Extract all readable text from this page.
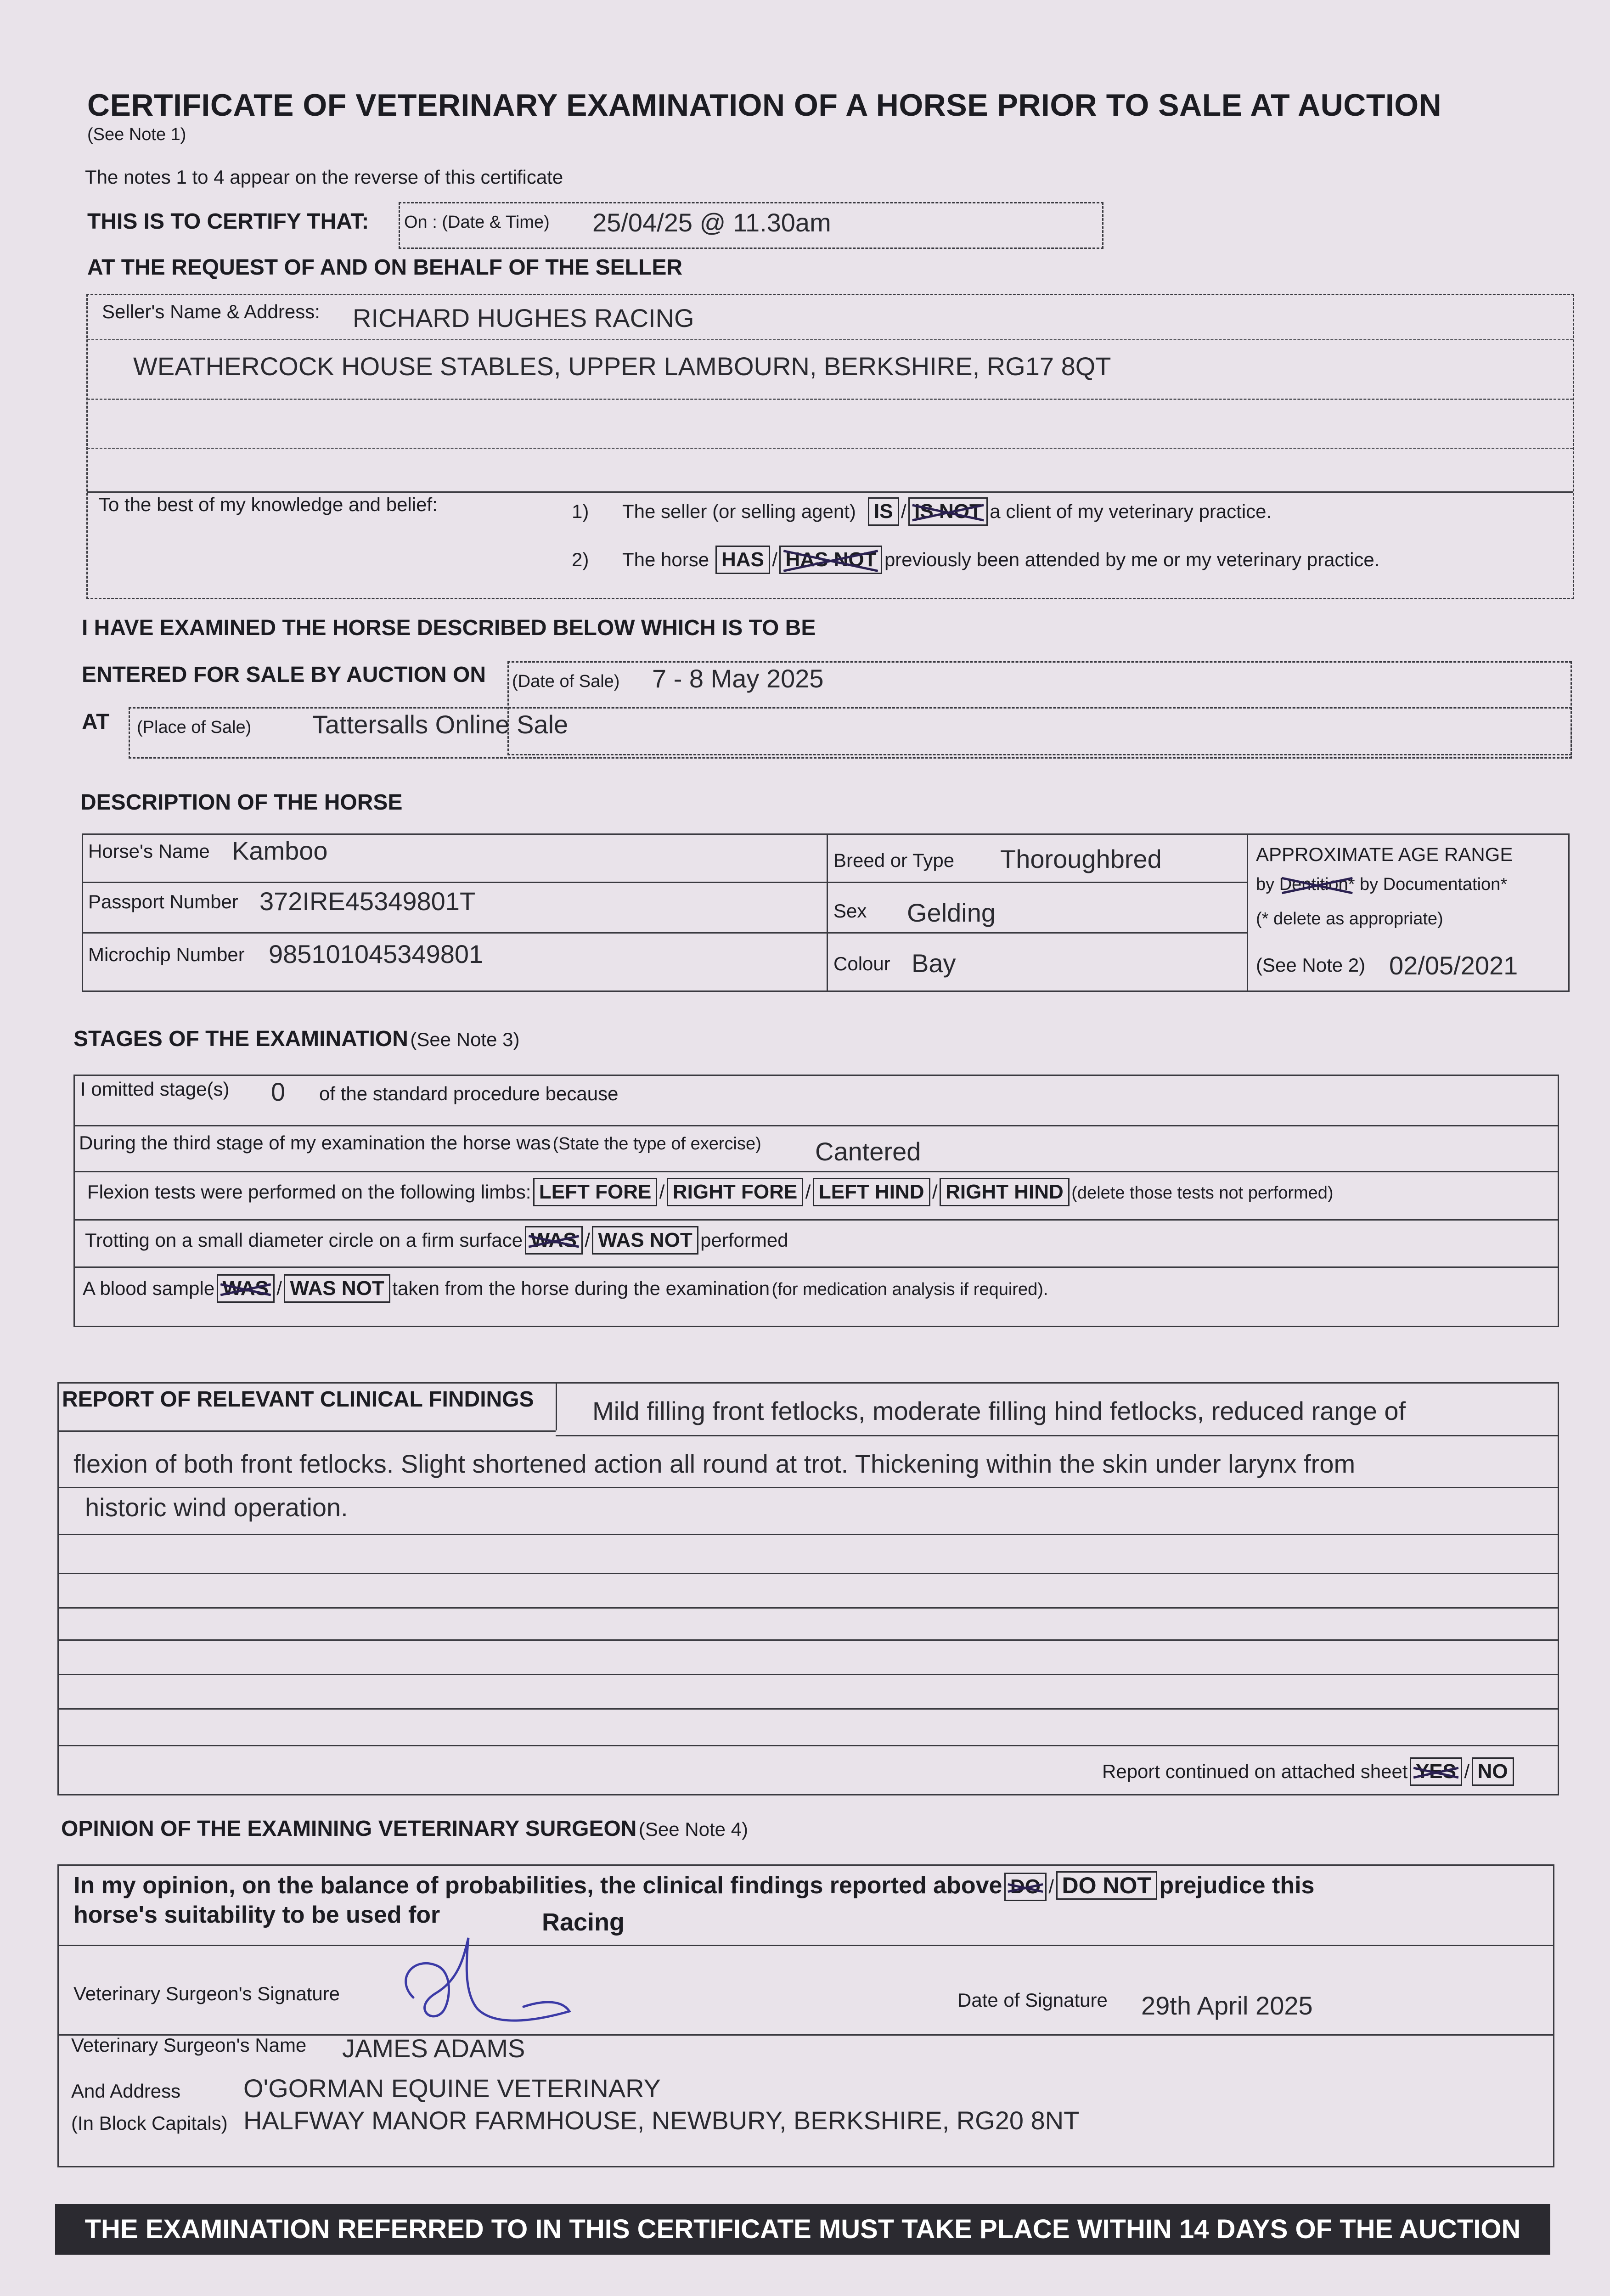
CERTIFICATE OF VETERINARY EXAMINATION OF A HORSE PRIOR TO SALE AT AUCTION
(See Note 1)
The notes 1 to 4 appear on the reverse of this certificate
THIS IS TO CERTIFY THAT: On : (Date & Time) 25/04/25 @ 11.30am
AT THE REQUEST OF AND ON BEHALF OF THE SELLER
Seller's Name & Address: RICHARD HUGHES RACING
WEATHERCOCK HOUSE STABLES, UPPER LAMBOURN, BERKSHIRE, RG17 8QT
To the best of my knowledge and belief:	1) The seller (or selling agent) IS / IS NOT a client of my veterinary practice.
2) The horse HAS / HAS NOT previously been attended by me or my veterinary practice.
I HAVE EXAMINED THE HORSE DESCRIBED BELOW WHICH IS TO BE
ENTERED FOR SALE BY AUCTION ON (Date of Sale) 7 - 8 May 2025
AT (Place of Sale) Tattersalls Online Sale
DESCRIPTION OF THE HORSE
Horse's Name Kamboo
Passport Number 372IRE45349801T
Microchip Number 985101045349801
Breed or Type Thoroughbred
Sex Gelding
Colour Bay
APPROXIMATE AGE RANGE
by Dentition* by Documentation*
(* delete as appropriate)
(See Note 2) 02/05/2021
STAGES OF THE EXAMINATION (See Note 3)
I omitted stage(s) 0 of the standard procedure because
During the third stage of my examination the horse was (State the type of exercise) Cantered
Flexion tests were performed on the following limbs: LEFT FORE / RIGHT FORE / LEFT HIND / RIGHT HIND (delete those tests not performed)
Trotting on a small diameter circle on a firm surface WAS / WAS NOT performed
A blood sample WAS / WAS NOT taken from the horse during the examination (for medication analysis if required).
REPORT OF RELEVANT CLINICAL FINDINGS Mild filling front fetlocks, moderate filling hind fetlocks, reduced range of
flexion of both front fetlocks. Slight shortened action all round at trot. Thickening within the skin under larynx from
historic wind operation.
Report continued on attached sheet YES / NO
OPINION OF THE EXAMINING VETERINARY SURGEON (See Note 4)
In my opinion, on the balance of probabilities, the clinical findings reported above DO / DO NOT prejudice this
horse's suitability to be used for	Racing
Veterinary Surgeon's Signature	Date of Signature 29th April 2025
Veterinary Surgeon's Name JAMES ADAMS
And Address
(In Block Capitals)
O'GORMAN EQUINE VETERINARY
HALFWAY MANOR FARMHOUSE, NEWBURY, BERKSHIRE, RG20 8NT
THE EXAMINATION REFERRED TO IN THIS CERTIFICATE MUST TAKE PLACE WITHIN 14 DAYS OF THE AUCTION
